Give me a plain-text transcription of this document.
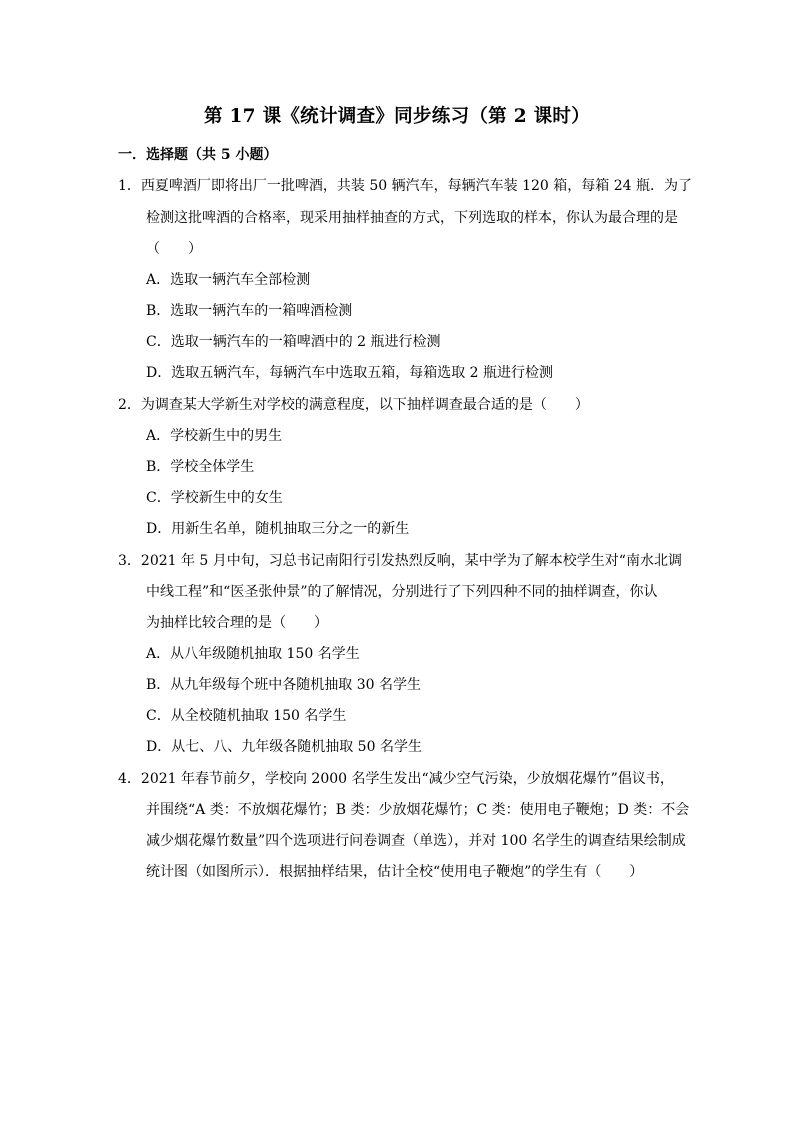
第 17 课《统计调查》同步练习（第 2 课时）
一．选择题（共 5 小题）
1．西夏啤酒厂即将出厂一批啤酒，共装 50 辆汽车，每辆汽车装 120 箱，每箱 24 瓶．为了
检测这批啤酒的合格率，现采用抽样抽查的方式，下列选取的样本，你认为最合理的是
（　　）
A．选取一辆汽车全部检测
B．选取一辆汽车的一箱啤酒检测
C．选取一辆汽车的一箱啤酒中的 2 瓶进行检测
D．选取五辆汽车，每辆汽车中选取五箱，每箱选取 2 瓶进行检测
2．为调查某大学新生对学校的满意程度，以下抽样调查最合适的是（　　）
A．学校新生中的男生
B．学校全体学生
C．学校新生中的女生
D．用新生名单，随机抽取三分之一的新生
3．2021 年 5 月中旬，习总书记南阳行引发热烈反响，某中学为了解本校学生对“南水北调
中线工程”和“医圣张仲景”的了解情况，分别进行了下列四种不同的抽样调查，你认
为抽样比较合理的是（　　）
A．从八年级随机抽取 150 名学生
B．从九年级每个班中各随机抽取 30 名学生
C．从全校随机抽取 150 名学生
D．从七、八、九年级各随机抽取 50 名学生
4．2021 年春节前夕，学校向 2000 名学生发出“减少空气污染，少放烟花爆竹”倡议书，
并围绕“A 类：不放烟花爆竹；B 类：少放烟花爆竹；C 类：使用电子鞭炮；D 类：不会
减少烟花爆竹数量”四个选项进行问卷调查（单选），并对 100 名学生的调查结果绘制成
统计图（如图所示）．根据抽样结果，估计全校“使用电子鞭炮”的学生有（　　）
